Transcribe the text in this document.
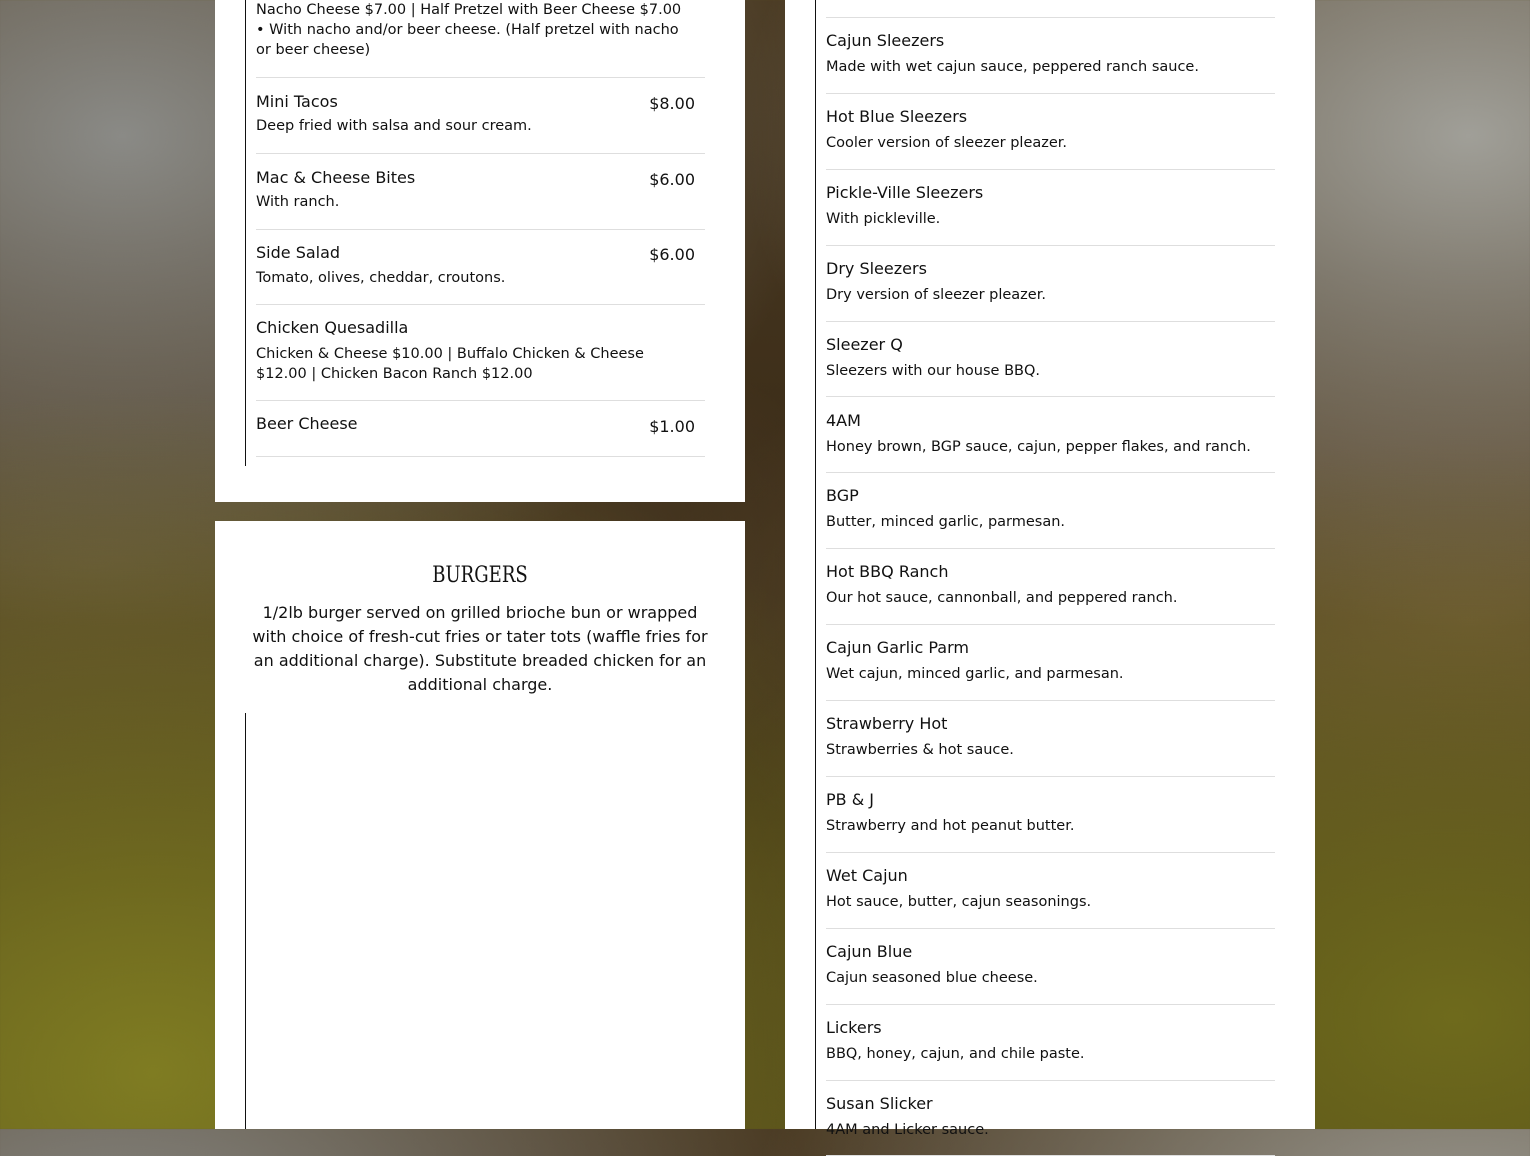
Nacho Cheese $7.00 | Half Pretzel with Beer Cheese $7.00
• With nacho and/or beer cheese. (Half pretzel with nacho
or beer cheese)
Mini Tacos
Deep fried with salsa and sour cream.
$8.00
Mac & Cheese Bites
With ranch.
$6.00
Side Salad
Tomato, olives, cheddar, croutons.
$6.00
Chicken Quesadilla
Chicken & Cheese $10.00 | Buffalo Chicken & Cheese
$12.00 | Chicken Bacon Ranch $12.00
Beer Cheese	$1.00
BURGERS
1/2lb burger served on grilled brioche bun or wrapped with choice of fresh-cut fries or tater tots (waffle fries for an additional charge). Substitute breaded chicken for an additional charge.
Cajun Sleezers
Made with wet cajun sauce, peppered ranch sauce.
Hot Blue Sleezers
Cooler version of sleezer pleazer.
Pickle-Ville Sleezers
With pickleville.
Dry Sleezers
Dry version of sleezer pleazer.
Sleezer Q
Sleezers with our house BBQ.
4AM
Honey brown, BGP sauce, cajun, pepper flakes, and ranch.
BGP
Butter, minced garlic, parmesan.
Hot BBQ Ranch
Our hot sauce, cannonball, and peppered ranch.
Cajun Garlic Parm
Wet cajun, minced garlic, and parmesan.
Strawberry Hot
Strawberries & hot sauce.
PB & J
Strawberry and hot peanut butter.
Wet Cajun
Hot sauce, butter, cajun seasonings.
Cajun Blue
Cajun seasoned blue cheese.
Lickers
BBQ, honey, cajun, and chile paste.
Susan Slicker
4AM and Licker sauce.
